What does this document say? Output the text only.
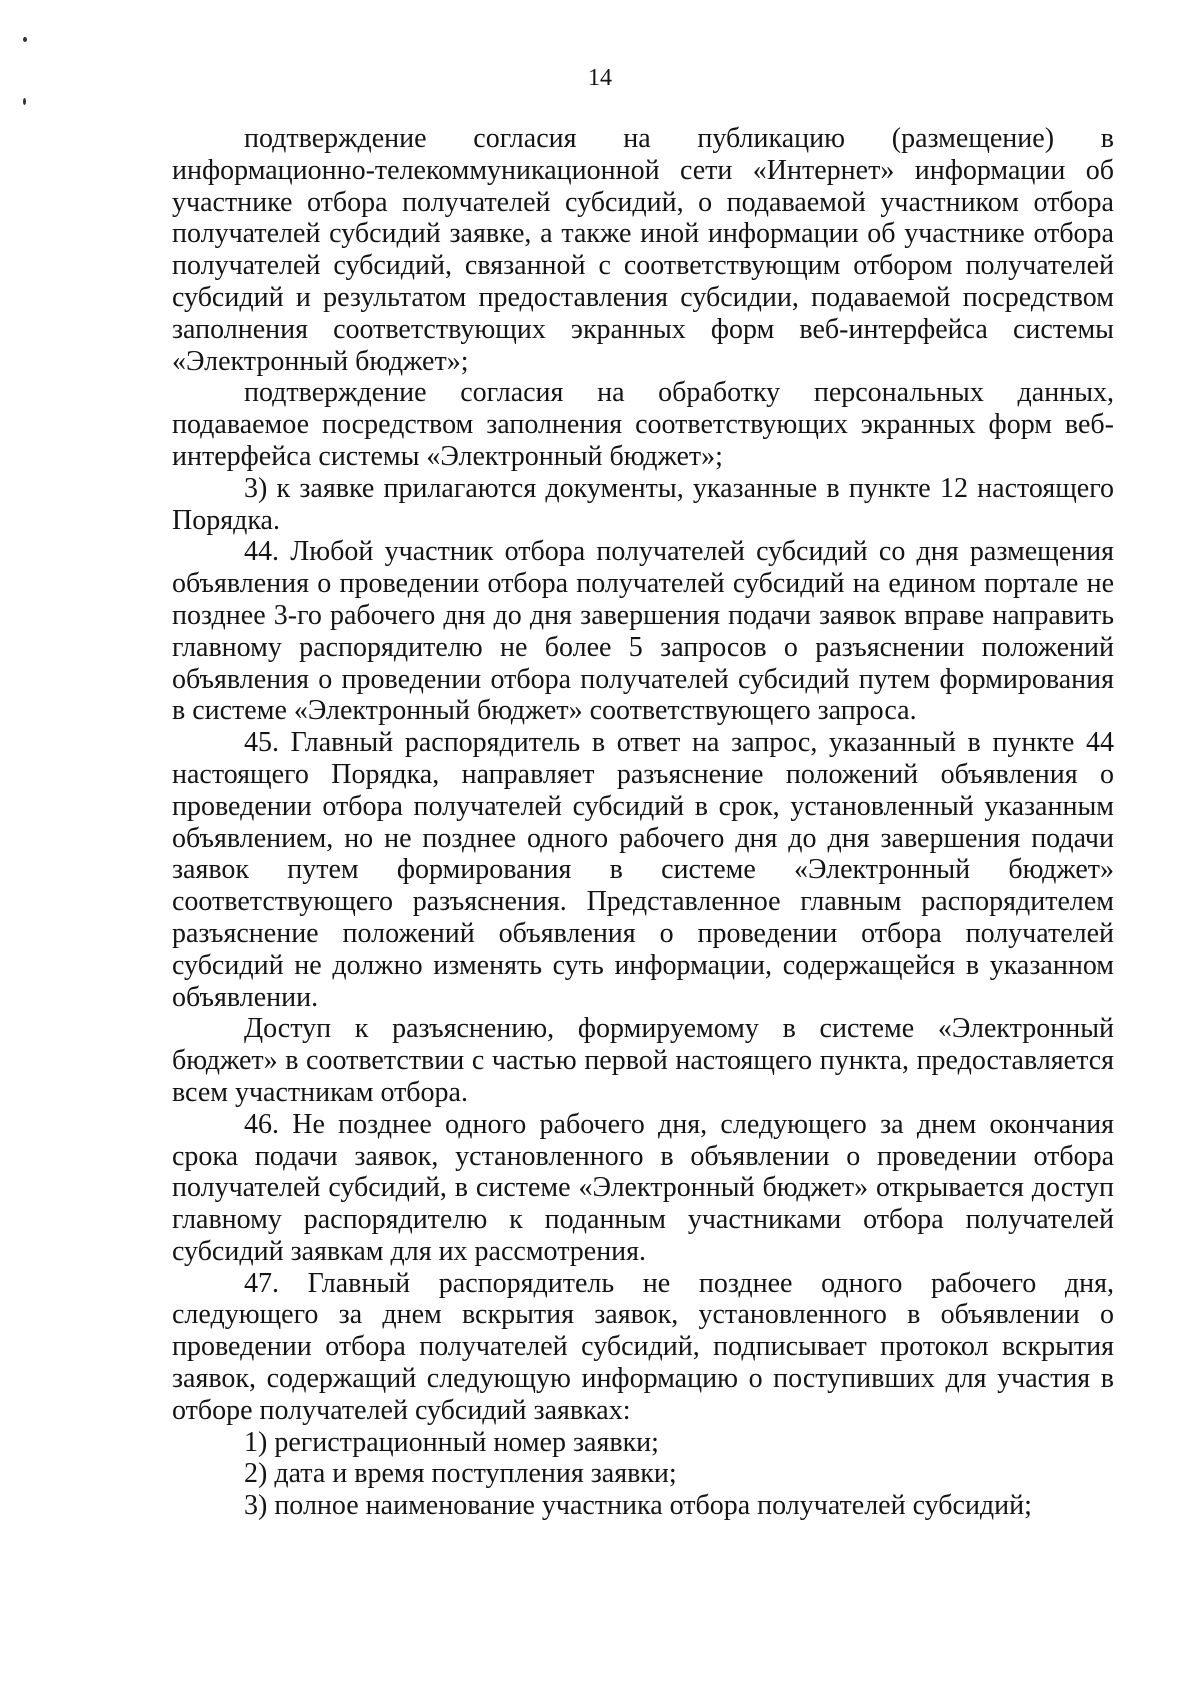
14

подтверждение согласия на публикацию (размещение) в информационно-телекоммуникационной сети «Интернет» информации об участнике отбора получателей субсидий, о подаваемой участником отбора получателей субсидий заявке, а также иной информации об участнике отбора получателей субсидий, связанной с соответствующим отбором получателей субсидий и результатом предоставления субсидии, подаваемой посредством заполнения соответствующих экранных форм веб-интерфейса системы «Электронный бюджет»;

подтверждение согласия на обработку персональных данных, подаваемое посредством заполнения соответствующих экранных форм веб-интерфейса системы «Электронный бюджет»;

3) к заявке прилагаются документы, указанные в пункте 12 настоящего Порядка.

44. Любой участник отбора получателей субсидий со дня размещения объявления о проведении отбора получателей субсидий на едином портале не позднее 3-го рабочего дня до дня завершения подачи заявок вправе направить главному распорядителю не более 5 запросов о разъяснении положений объявления о проведении отбора получателей субсидий путем формирования в системе «Электронный бюджет» соответствующего запроса.

45. Главный распорядитель в ответ на запрос, указанный в пункте 44 настоящего Порядка, направляет разъяснение положений объявления о проведении отбора получателей субсидий в срок, установленный указанным объявлением, но не позднее одного рабочего дня до дня завершения подачи заявок путем формирования в системе «Электронный бюджет» соответствующего разъяснения. Представленное главным распорядителем разъяснение положений объявления о проведении отбора получателей субсидий не должно изменять суть информации, содержащейся в указанном объявлении.

Доступ к разъяснению, формируемому в системе «Электронный бюджет» в соответствии с частью первой настоящего пункта, предоставляется всем участникам отбора.

46. Не позднее одного рабочего дня, следующего за днем окончания срока подачи заявок, установленного в объявлении о проведении отбора получателей субсидий, в системе «Электронный бюджет» открывается доступ главному распорядителю к поданным участниками отбора получателей субсидий заявкам для их рассмотрения.

47. Главный распорядитель не позднее одного рабочего дня, следующего за днем вскрытия заявок, установленного в объявлении о проведении отбора получателей субсидий, подписывает протокол вскрытия заявок, содержащий следующую информацию о поступивших для участия в отборе получателей субсидий заявках:

1) регистрационный номер заявки;

2) дата и время поступления заявки;

3) полное наименование участника отбора получателей субсидий;
